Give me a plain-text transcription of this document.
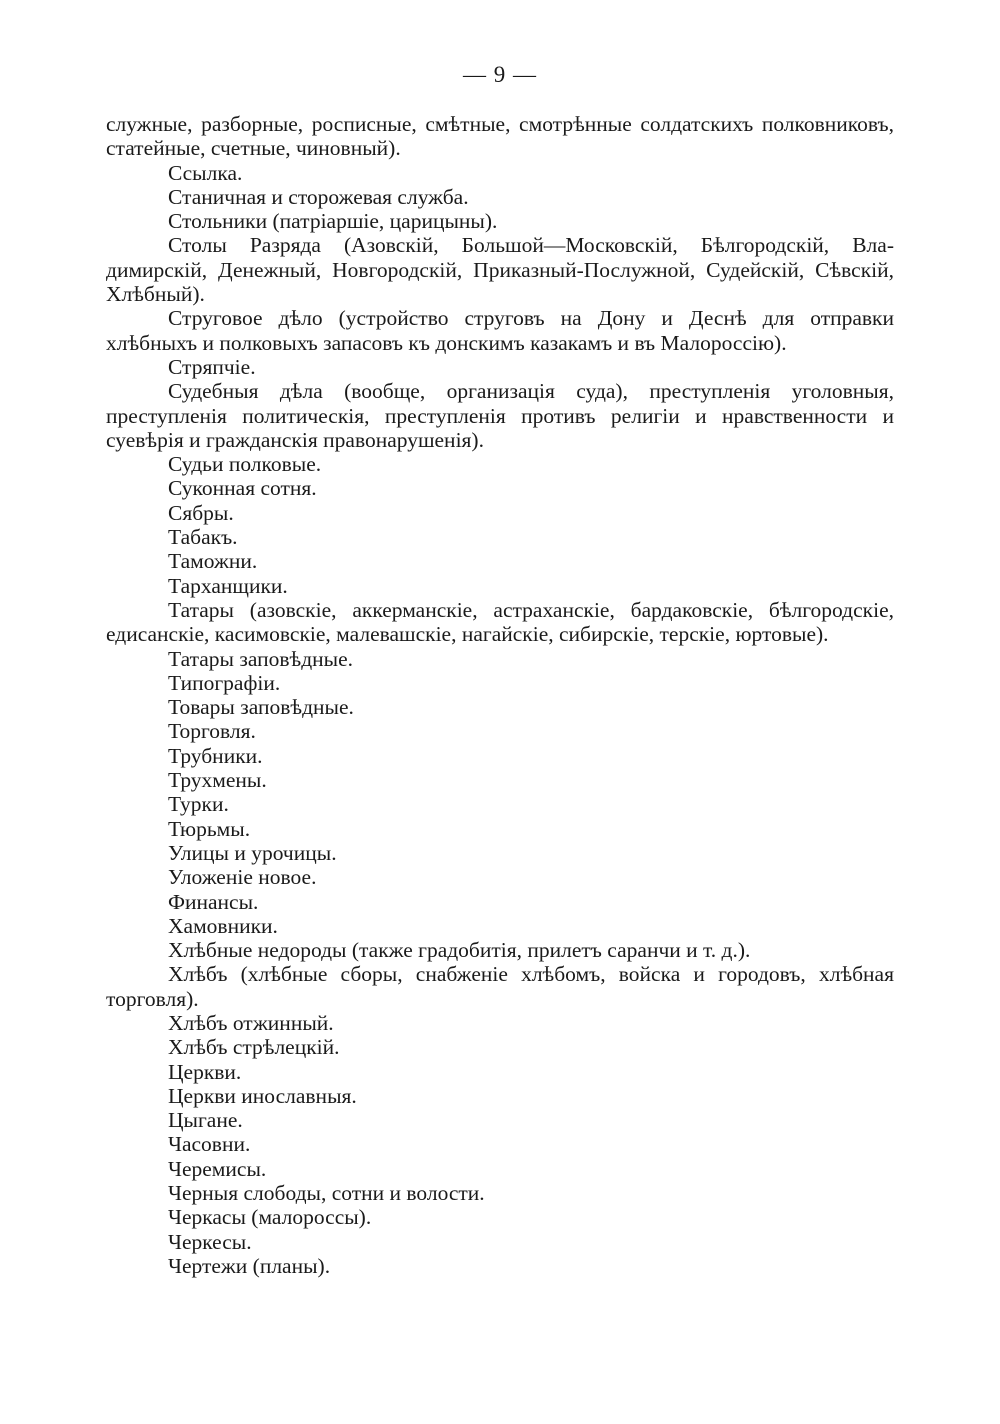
— 9 —

служные, разборные, росписные, смѣтные, смотрѣнные солдатскихъ полковниковъ, статейные, счетные, чиновный).

Ссылка.

Станичная и сторожевая служба.

Стольники (патріаршіе, царицыны).

Столы Разряда (Азовскій, Большой—Московскій, Бѣлгородскій, Владимирскій, Денежный, Новгородскій, Приказный-Послужной, Судейскій, Сѣвскій, Хлѣбный).

Струговое дѣло (устройство струговъ на Дону и Деснѣ для отправки хлѣбныхъ и полковыхъ запасовъ къ донскимъ казакамъ и въ Малороссію).

Стряпчіе.

Судебныя дѣла (вообще, организація суда), преступленія уголовныя, преступленія политическія, преступленія противъ религіи и нравственности и суевѣрія и гражданскія правонарушенія).

Судьи полковые.

Суконная сотня.

Сябры.

Табакъ.

Таможни.

Тарханщики.

Татары (азовскіе, аккерманскіе, астраханскіе, бардаковскіе, бѣлгородскіе, едисанскіе, касимовскіе, малевашскіе, нагайскіе, сибирскіе, терскіе, юртовые).

Татары заповѣдные.

Типографіи.

Товары заповѣдные.

Торговля.

Трубники.

Трухмены.

Турки.

Тюрьмы.

Улицы и урочицы.

Уложеніе новое.

Финансы.

Хамовники.

Хлѣбные недороды (также градобитія, прилетъ саранчи и т. д.).

Хлѣбъ (хлѣбные сборы, снабженіе хлѣбомъ, войска и городовъ, хлѣбная торговля).

Хлѣбъ отжинный.

Хлѣбъ стрѣлецкій.

Церкви.

Церкви инославныя.

Цыгане.

Часовни.

Черемисы.

Черныя слободы, сотни и волости.

Черкасы (малороссы).

Черкесы.

Чертежи (планы).
